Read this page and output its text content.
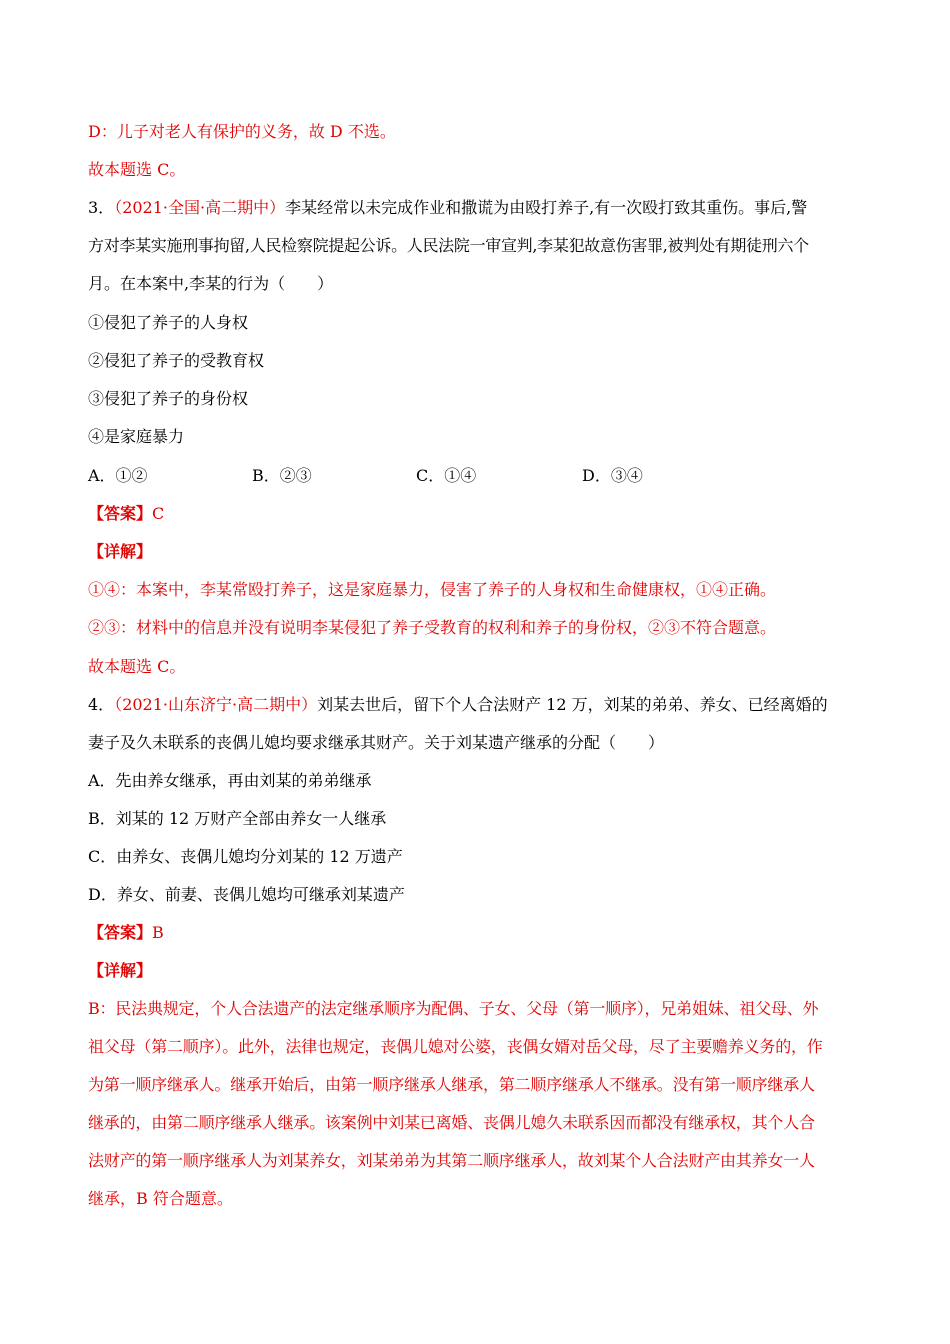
D：儿子对老人有保护的义务，故 D 不选。
故本题选 C。
3．（2021·全国·高二期中）李某经常以未完成作业和撒谎为由殴打养子,有一次殴打致其重伤。事后,警
方对李某实施刑事拘留,人民检察院提起公诉。人民法院一审宣判,李某犯故意伤害罪,被判处有期徒刑六个
月。在本案中,李某的行为（　　）
①侵犯了养子的人身权
②侵犯了养子的受教育权
③侵犯了养子的身份权
④是家庭暴力
A．①②	B．②③	C．①④	D．③④
【答案】C
【详解】
①④：本案中，李某常殴打养子，这是家庭暴力，侵害了养子的人身权和生命健康权，①④正确。
②③：材料中的信息并没有说明李某侵犯了养子受教育的权利和养子的身份权，②③不符合题意。
故本题选 C。
4．（2021·山东济宁·高二期中）刘某去世后，留下个人合法财产 12 万，刘某的弟弟、养女、已经离婚的
妻子及久未联系的丧偶儿媳均要求继承其财产。关于刘某遗产继承的分配（　　）
A．先由养女继承，再由刘某的弟弟继承
B．刘某的 12 万财产全部由养女一人继承
C．由养女、丧偶儿媳均分刘某的 12 万遗产
D．养女、前妻、丧偶儿媳均可继承刘某遗产
【答案】B
【详解】
B：民法典规定，个人合法遗产的法定继承顺序为配偶、子女、父母（第一顺序），兄弟姐妹、祖父母、外
祖父母（第二顺序）。此外，法律也规定，丧偶儿媳对公婆，丧偶女婿对岳父母，尽了主要赡养义务的，作
为第一顺序继承人。继承开始后，由第一顺序继承人继承，第二顺序继承人不继承。没有第一顺序继承人
继承的，由第二顺序继承人继承。该案例中刘某已离婚、丧偶儿媳久未联系因而都没有继承权，其个人合
法财产的第一顺序继承人为刘某养女，刘某弟弟为其第二顺序继承人，故刘某个人合法财产由其养女一人
继承，B 符合题意。
